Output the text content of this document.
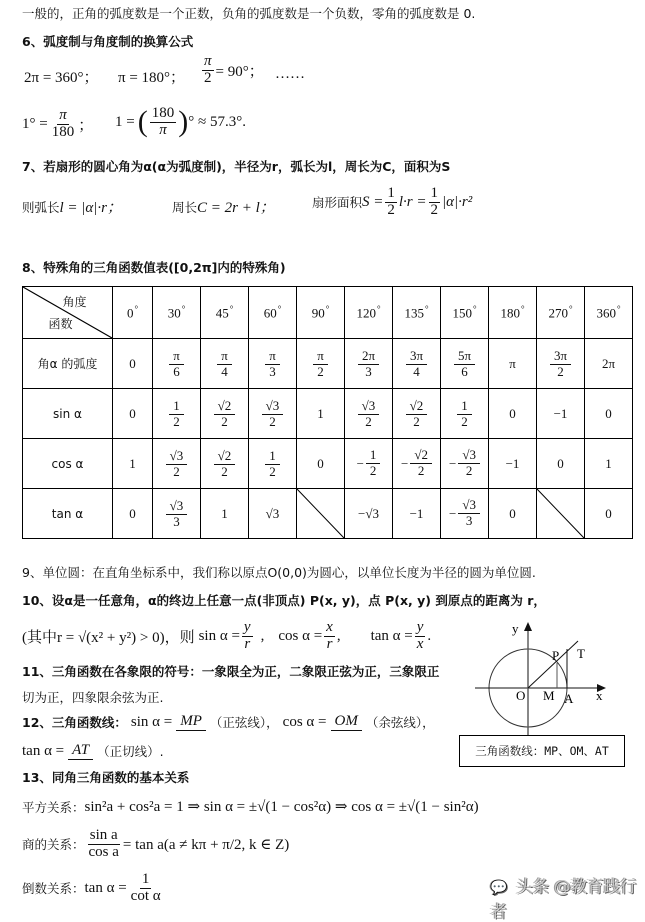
一般的，正角的弧度数是一个正数，负角的弧度数是一个负数，零角的弧度数是 0.
6、弧度制与角度制的换算公式
2π = 360°； π = 180°； $\frac{\pi}{2} = 90^\circ$； ……
$1^\circ = \frac{\pi}{180}$ ； 1 = ( $\frac{180}{\pi}$ ) ° ≈ 57.3°.
7、若扇形的圆心角为α(α为弧度制)，半径为r，弧长为l，周长为C，面积为S
则弧长 l = |α|·r；	周长 C = 2r + l；	扇形面积 $S = \frac{1}{2} l\cdot r = \frac{1}{2} |\alpha|\cdot r^2$
8、特殊角的三角函数值表([0,2π]内的特殊角)
角度
函数	0°	30°	45°	60°	90°	120°	135°	150°	180°	270°	360°
角α 的弧度	0	$\frac{\pi}{6}$	$\frac{\pi}{4}$	$\frac{\pi}{3}$	$\frac{\pi}{2}$	$\frac{2\pi}{3}$	$\frac{3\pi}{4}$	$\frac{5\pi}{6}$	π	$\frac{3\pi}{2}$	2π
sin α	0	$\frac{1}{2}$	$\frac{√2}{2}$	$\frac{√3}{2}$	1	$\frac{√3}{2}$	$\frac{√2}{2}$	$\frac{1}{2}$	0	−1	0
cos α	1	$\frac{√3}{2}$	$\frac{√2}{2}$	$\frac{1}{2}$	0	− $\frac{1}{2}$	− $\frac{√2}{2}$	− $\frac{√3}{2}$	−1	0	1
tan α	0	$\frac{√3}{3}$	1	√3		−√3	−1	− $\frac{√3}{3}$	0		0
9、单位圆：在直角坐标系中，我们称以原点O(0,0)为圆心，以单位长度为半径的圆为单位圆.
10、设α是一任意角，α的终边上任意一点(非顶点) P(x, y)，点 P(x, y) 到原点的距离为 r，
(其中r = √(x² + y²) > 0)，则 $\sin \alpha = \frac{y}{r}$ , $\cos \alpha = \frac{x}{r}$ , $\tan \alpha = \frac{y}{x}$ .
11、三角函数在各象限的符号：一象限全为正，二象限正弦为正，三象限正
切为正，四象限余弦为正.
12、三角函数线： sin α = MP （正弦线）， cos α = OM （余弦线），
tan α = AT （正切线）.
y
x
O M A
P T
三角函数线：MP、OM、AT
13、同角三角函数的基本关系
平方关系： sin²a + cos²a = 1 ⇒ sin α = ±√(1 − cos²α) ⇒ cos α = ±√(1 − sin²α)
商的关系： $\frac{\text{sin a}}{\text{cos a}} = \tan a(a \ne k\pi + \pi/2$, k ∈ Z)
倒数关系： $\tan \alpha = \frac{1}{\text{cot α}}$	💬 头条 @教育践行者
